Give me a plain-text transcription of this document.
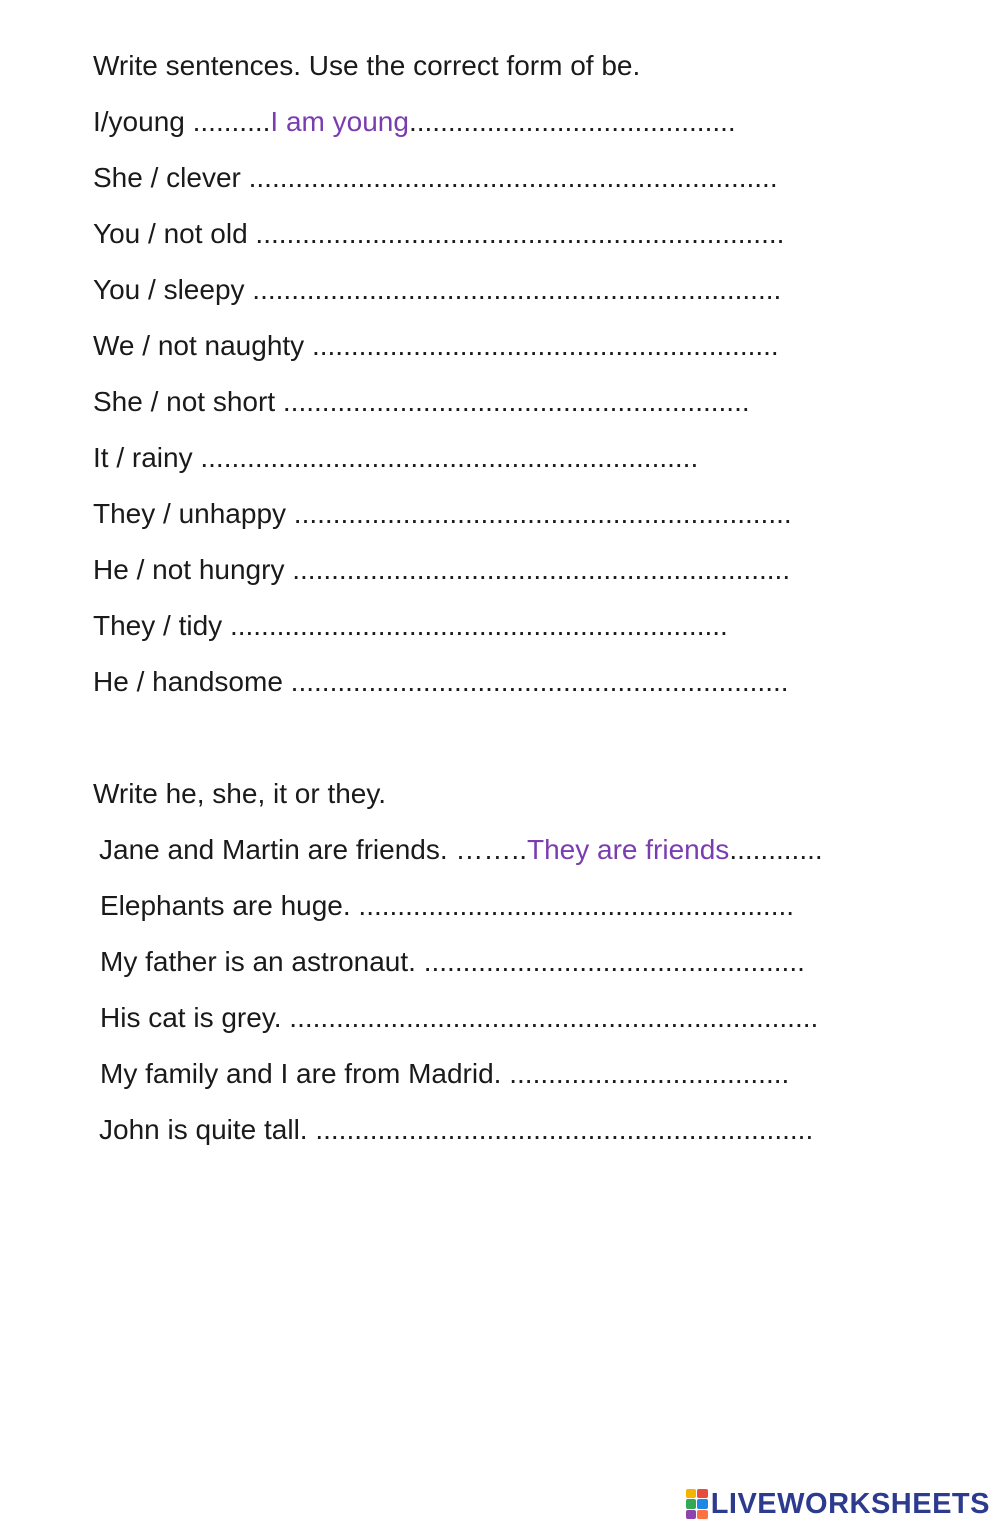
Write sentences. Use the correct form of be.

I/young ..........I am young..........................................

She / clever ....................................................................

You / not old ....................................................................

You / sleepy ....................................................................

We / not naughty ............................................................

She / not short ............................................................

It / rainy ................................................................

They / unhappy ................................................................

He / not hungry ................................................................

They / tidy ................................................................

He / handsome ................................................................

Write he, she, it or they.

Jane and Martin are friends. ……..They are friends............

Elephants are huge. ........................................................

My father is an astronaut. .................................................

His cat is grey. ....................................................................

My family and I are from Madrid. ....................................

John is quite tall. ................................................................

LIVEWORKSHEETS
